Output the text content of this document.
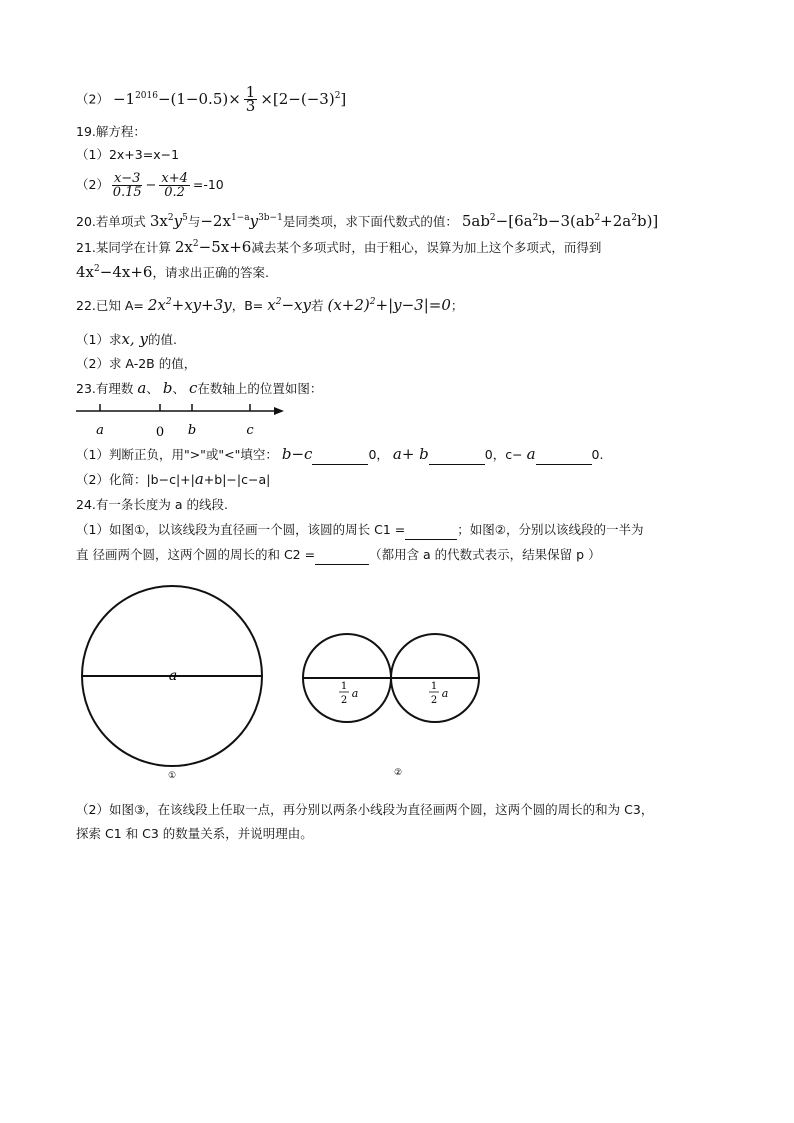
$(2) -1^{2016}-(1-0.5)\times \frac{1}{3} \times[2-(-3)^2]$
19.解方程：
（1）2x+3=x−1
$(2) \frac{x-3}{0.15} - \frac{x+4}{0.2} =-10$
20.若单项式 $3x^2y^5$与$-2x^{1-a}y^{3b-1}$是同类项，求下面代数式的值： $5ab^2-[6a^2b-3(ab^2+2a^2b)]$
21.某同学在计算 $2x^2-5x+6$减去某个多项式时，由于粗心，误算为加上这个多项式，而得到
$4x^2-4x+6$，请求出正确的答案.
22.已知 $A= 2x^2+xy+3y$，$B= x^2-xy$若 $(x+2)^2+|y-3|=0$；
（1）求x, y的值.
（2）求 A-2B 的值，
23.有理数 a、 b、 c在数轴上的位置如图：
a	0 b	c
a
①
1
2
a
1
2
a
②
（1）判断正负，用">"或"<"填空： b−c	0， a+ b	0，c− a	0.
（2）化简：|b−c|+|a+b|−|c−a|
24.有一条长度为 a 的线段.
（1）如图①，以该线段为直径画一个圆，该圆的周长 C1 =	；如图②，分别以该线段的一半为
直 径画两个圆，这两个圆的周长的和 C2 =	（都用含 a 的代数式表示，结果保留 p ）
（2）如图③，在该线段上任取一点，再分别以两条小线段为直径画两个圆，这两个圆的周长的和为 C3，
探索 C1 和 C3 的数量关系，并说明理由。
